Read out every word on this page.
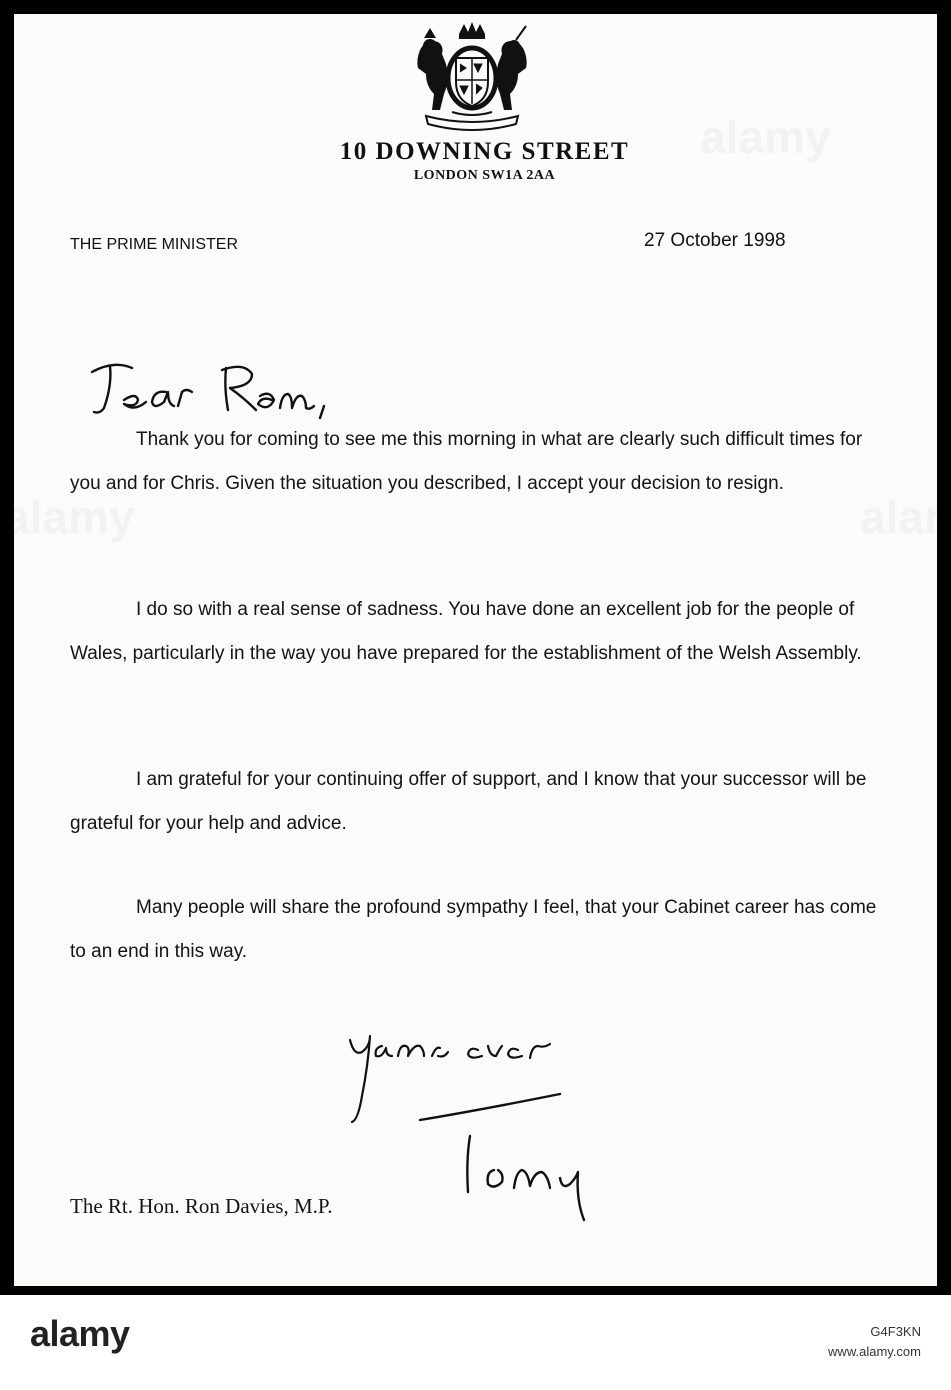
10 DOWNING STREET
LONDON SW1A 2AA
THE PRIME MINISTER	27 October 1998

Thank you for coming to see me this morning in what are clearly such difficult times for you and for Chris. Given the situation you described, I accept your decision to resign.

I do so with a real sense of sadness. You have done an excellent job for the people of Wales, particularly in the way you have prepared for the establishment of the Welsh Assembly.

I am grateful for your continuing offer of support, and I know that your successor will be grateful for your help and advice.

Many people will share the profound sympathy I feel, that your Cabinet career has come to an end in this way.

The Rt. Hon. Ron Davies, M.P.
alamy	G4F3KN
www.alamy.com
